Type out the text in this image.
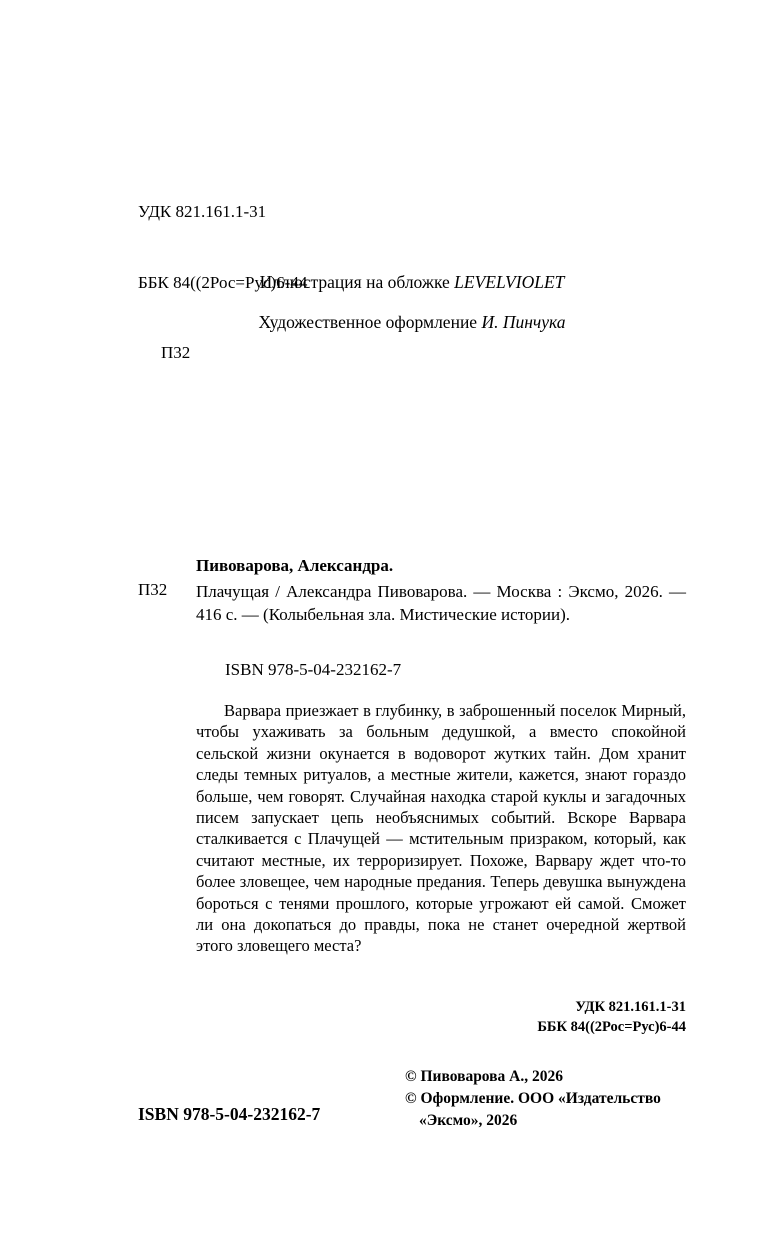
УДК 821.161.1-31

ББК 84((2Рос=Рус)6-44

П32

Иллюстрация на обложке LEVELVIOLET
Художественное оформление И. Пинчука
Пивоварова, Александра.
П32 Плачущая / Александра Пивоварова. — Москва : Эксмо, 2026. — 416 с. — (Колыбельная зла. Мистические истории).
ISBN 978-5-04-232162-7
Варвара приезжает в глубинку, в заброшенный поселок Мирный, чтобы ухаживать за больным дедушкой, а вместо спокойной сельской жизни окунается в водоворот жутких тайн. Дом хранит следы темных ритуалов, а местные жители, кажется, знают гораздо больше, чем говорят. Случайная находка старой куклы и загадочных писем запускает цепь необъяснимых событий. Вскоре Варвара сталкивается с Плачущей — мстительным призраком, который, как считают местные, их терроризирует. Похоже, Варвару ждет что-то более зловещее, чем народные предания. Теперь девушка вынуждена бороться с тенями прошлого, которые угрожают ей самой. Сможет ли она докопаться до правды, пока не станет очередной жертвой этого зловещего места?
УДК 821.161.1-31
ББК 84((2Рос=Рус)6-44
© Пивоварова А., 2026
© Оформление. ООО «Издательство
«Эксмо», 2026
ISBN 978-5-04-232162-7
